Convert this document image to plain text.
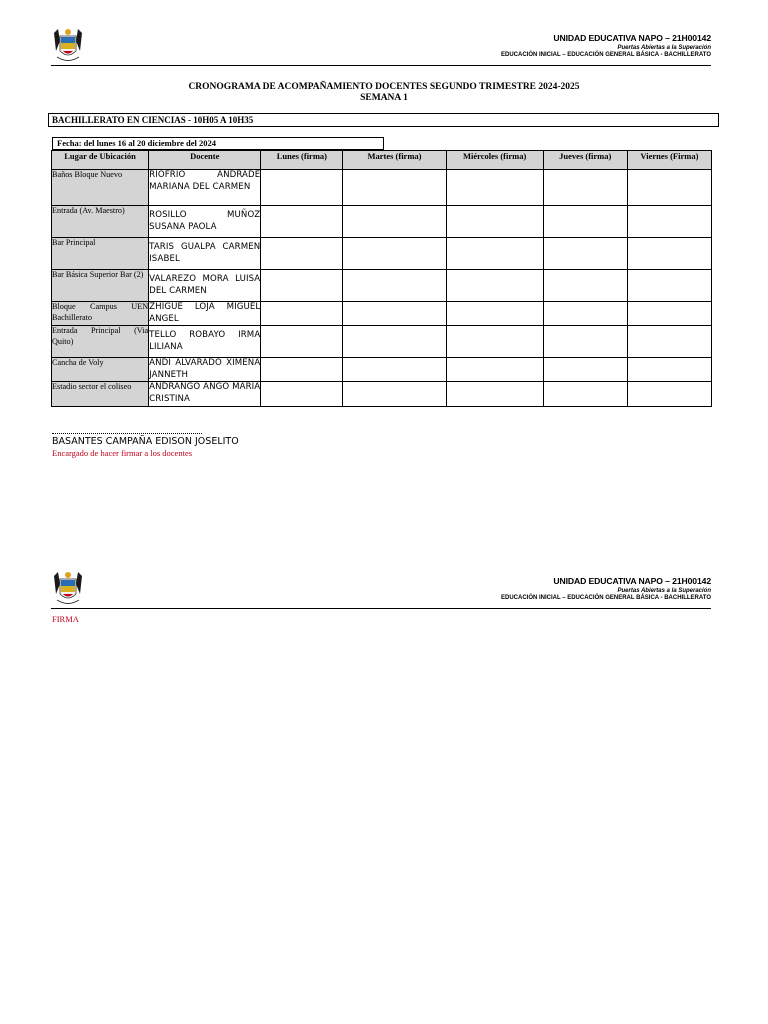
UNIDAD EDUCATIVA NAPO – 21H00142
Puertas Abiertas a la Superación
EDUCACIÓN INICIAL – EDUCACIÓN GENERAL BÁSICA - BACHILLERATO
CRONOGRAMA DE ACOMPAÑAMIENTO DOCENTES SEGUNDO TRIMESTRE 2024-2025
SEMANA 1
BACHILLERATO EN CIENCIAS - 10H05 A 10H35
Fecha: del lunes 16 al 20 diciembre del 2024
Lugar de Ubicación	Docente	Lunes (firma)	Martes (firma)	Miércoles (firma)	Jueves (firma)	Viernes (Firma)
Baños Bloque Nuevo	RIOFRIO ANDRADE MARIANA DEL CARMEN					
Entrada (Av. Maestro)	ROSILLO MUÑOZ SUSANA PAOLA					
Bar Principal	TARIS GUALPA CARMEN ISABEL					
Bar Básica Superior Bar (2)	VALAREZO MORA LUISA DEL CARMEN					
Bloque Campus UEN Bachillerato	ZHIGUE LOJA MIGUEL ANGEL					
Entrada Principal (Via Quito)	TELLO ROBAYO IRMA LILIANA					
Cancha de Voly	ANDI ALVARADO XIMENA JANNETH					
Estadio sector el coliseo	ANDRANGO ANGO MARIA CRISTINA					
BASANTES CAMPAÑA EDISON JOSELITO
Encargado de hacer firmar a los docentes
UNIDAD EDUCATIVA NAPO – 21H00142
Puertas Abiertas a la Superación
EDUCACIÓN INICIAL – EDUCACIÓN GENERAL BÁSICA - BACHILLERATO
FIRMA
